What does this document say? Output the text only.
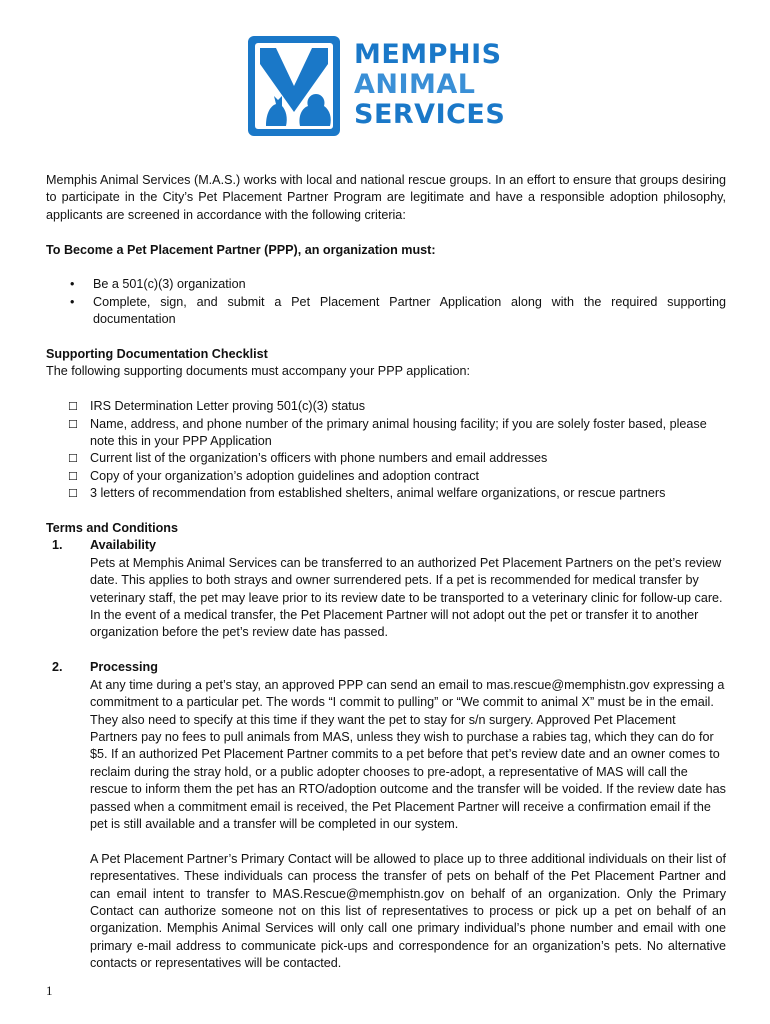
MEMPHIS
ANIMAL
SERVICES

Memphis Animal Services (M.A.S.) works with local and national rescue groups. In an effort to ensure that groups desiring to participate in the City’s Pet Placement Partner Program are legitimate and have a responsible adoption philosophy, applicants are screened in accordance with the following criteria:

To Become a Pet Placement Partner (PPP), an organization must:

• Be a 501(c)(3) organization
• Complete, sign, and submit a Pet Placement Partner Application along with the required supporting documentation

Supporting Documentation Checklist

The following supporting documents must accompany your PPP application:

☐ IRS Determination Letter proving 501(c)(3) status
☐ Name, address, and phone number of the primary animal housing facility; if you are solely foster based, please note this in your PPP Application
☐ Current list of the organization’s officers with phone numbers and email addresses
☐ Copy of your organization’s adoption guidelines and adoption contract
☐ 3 letters of recommendation from established shelters, animal welfare organizations, or rescue partners

Terms and Conditions

1. Availability

Pets at Memphis Animal Services can be transferred to an authorized Pet Placement Partners on the pet’s review date. This applies to both strays and owner surrendered pets. If a pet is recommended for medical transfer by veterinary staff, the pet may leave prior to its review date to be transported to a veterinary clinic for follow-up care. In the event of a medical transfer, the Pet Placement Partner will not adopt out the pet or transfer it to another organization before the pet’s review date has passed.

2. Processing

At any time during a pet’s stay, an approved PPP can send an email to mas.rescue@memphistn.gov expressing a commitment to a particular pet. The words “I commit to pulling” or “We commit to animal X” must be in the email. They also need to specify at this time if they want the pet to stay for s/n surgery. Approved Pet Placement Partners pay no fees to pull animals from MAS, unless they wish to purchase a rabies tag, which they can do for $5. If an authorized Pet Placement Partner commits to a pet before that pet’s review date and an owner comes to reclaim during the stray hold, or a public adopter chooses to pre-adopt, a representative of MAS will call the rescue to inform them the pet has an RTO/adoption outcome and the transfer will be voided. If the review date has passed when a commitment email is received, the Pet Placement Partner will receive a confirmation email if the pet is still available and a transfer will be completed in our system.

A Pet Placement Partner’s Primary Contact will be allowed to place up to three additional individuals on their list of representatives. These individuals can process the transfer of pets on behalf of the Pet Placement Partner and can email intent to transfer to MAS.Rescue@memphistn.gov on behalf of an organization. Only the Primary Contact can authorize someone not on this list of representatives to process or pick up a pet on behalf of an organization. Memphis Animal Services will only call one primary individual’s phone number and email with one primary e-mail address to communicate pick-ups and correspondence for an organization’s pets. No alternative contacts or representatives will be contacted.

1
